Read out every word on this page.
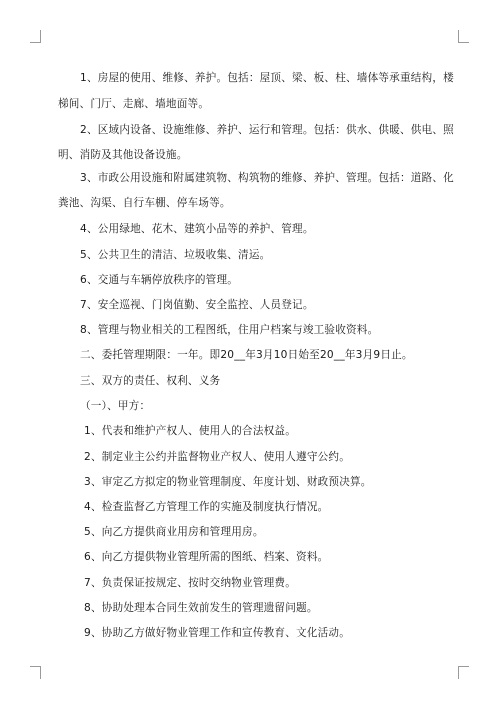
1、房屋的使用、维修、养护。包括：屋顶、梁、板、柱、墙体等承重结构，楼
梯间、门厅、走廊、墙地面等。
2、区域内设备、设施维修、养护、运行和管理。包括：供水、供暖、供电、照
明、消防及其他设备设施。
3、市政公用设施和附属建筑物、构筑物的维修、养护、管理。包括：道路、化
粪池、沟渠、自行车棚、停车场等。
4、公用绿地、花木、建筑小品等的养护、管理。
5、公共卫生的清洁、垃圾收集、清运。
6、交通与车辆停放秩序的管理。
7、安全巡视、门岗值勤、安全监控、人员登记。
8、管理与物业相关的工程图纸，住用户档案与竣工验收资料。
二、委托管理期限：一年。即20__年3月10日始至20__年3月9日止。
三、双方的责任、权利、义务
（一）、甲方：
1、代表和维护产权人、使用人的合法权益。
2、制定业主公约并监督物业产权人、使用人遵守公约。
3、审定乙方拟定的物业管理制度、年度计划、财政预决算。
4、检查监督乙方管理工作的实施及制度执行情况。
5、向乙方提供商业用房和管理用房。
6、向乙方提供物业管理所需的图纸、档案、资料。
7、负责保证按规定、按时交纳物业管理费。
8、协助处理本合同生效前发生的管理遗留问题。
9、协助乙方做好物业管理工作和宣传教育、文化活动。
